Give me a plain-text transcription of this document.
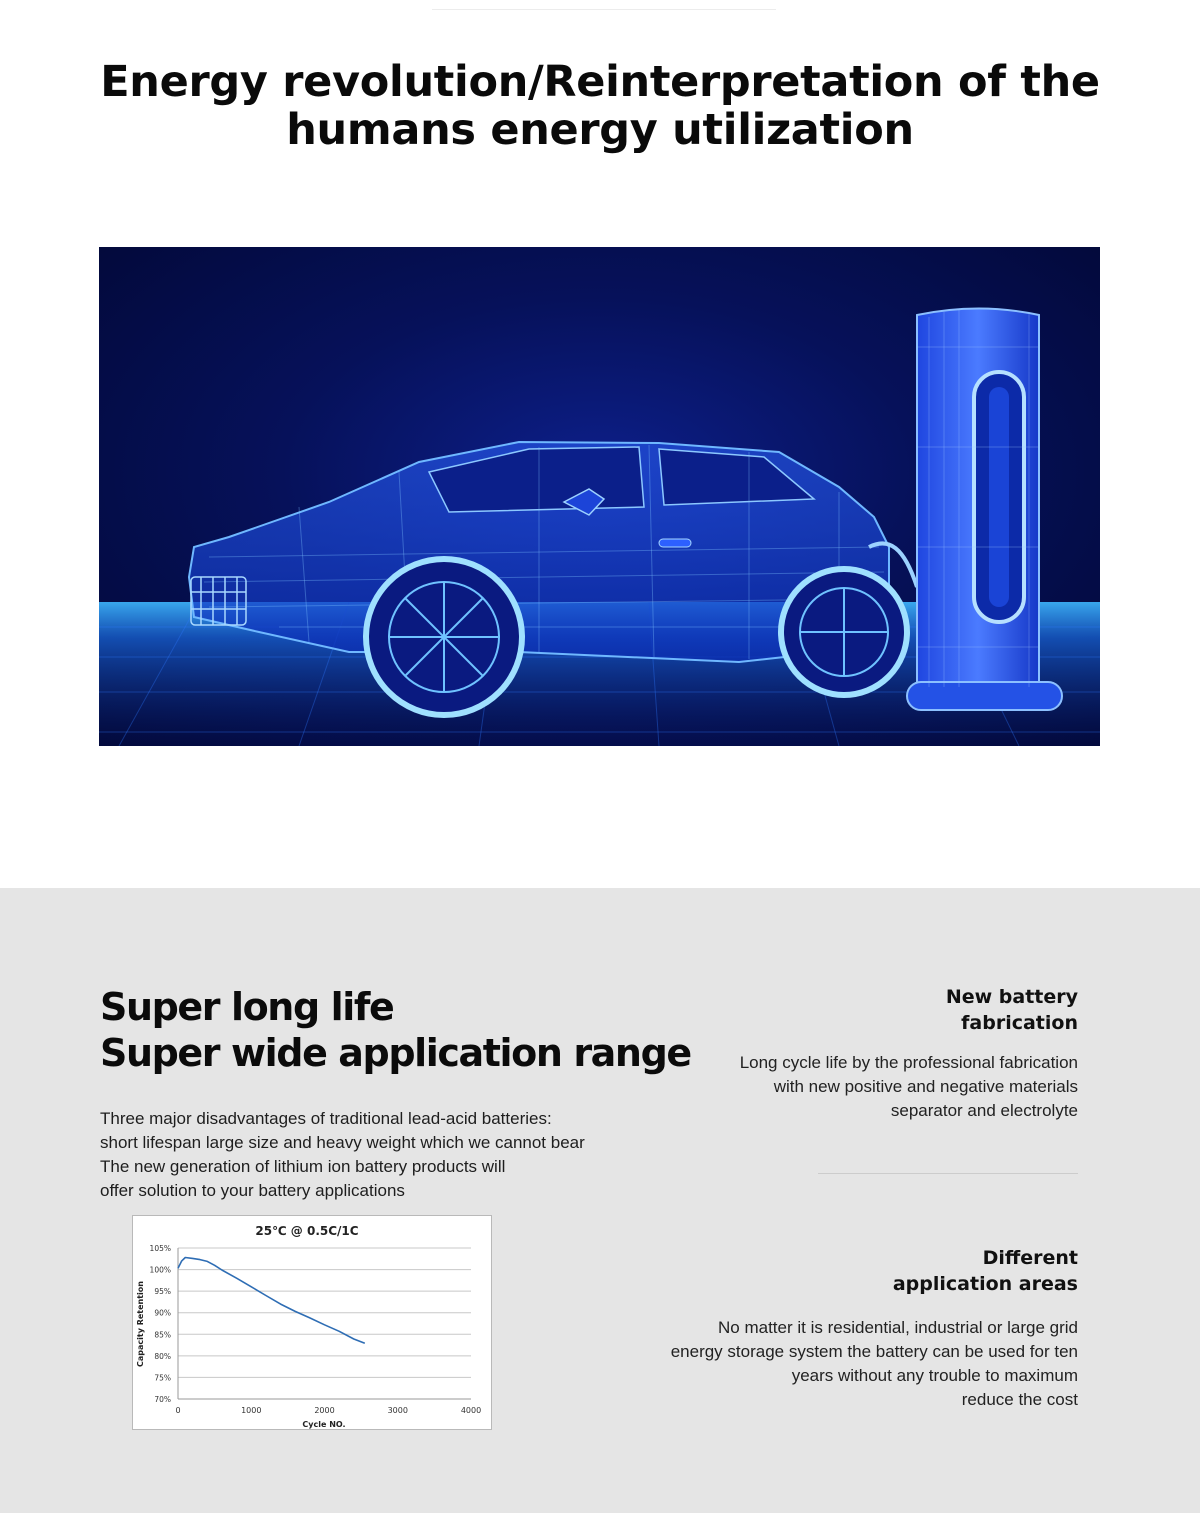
Energy revolution/Reinterpretation of the
humans energy utilization
Super long life
Super wide application range
Three major disadvantages of traditional lead-acid batteries:
short lifespan large size and heavy weight which we cannot bear
The new generation of lithium ion battery products will
offer solution to your battery applications
25℃ @ 0.5C/1C
70%
75%
80%
85%
90%
95%
100%
105%
0	1000	2000	3000	4000
Cycle NO.
Capacity Retention
New battery
fabrication

Long cycle life by the professional fabrication
with new positive and negative materials
separator and electrolyte

Different
application areas

No matter it is residential, industrial or large grid
energy storage system the battery can be used for ten
years without any trouble to maximum
reduce the cost
